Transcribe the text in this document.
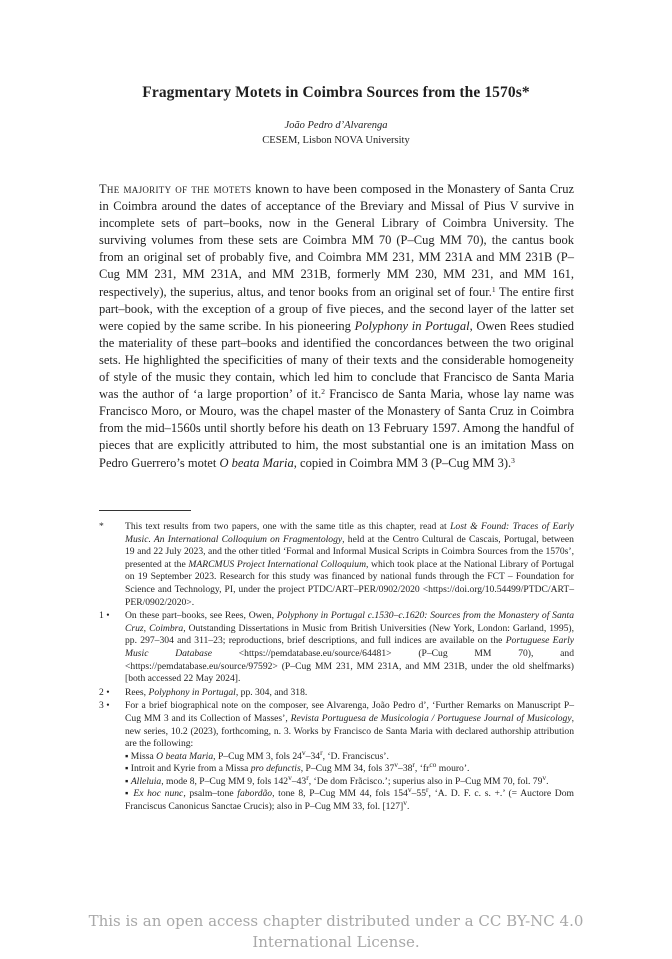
Fragmentary Motets in Coimbra Sources from the 1570s*
João Pedro d’Alvarenga
CESEM, Lisbon NOVA University
The majority of the motets known to have been composed in the Monastery of Santa Cruz in Coimbra around the dates of acceptance of the Breviary and Missal of Pius V survive in incomplete sets of part–books, now in the General Library of Coimbra University. The surviving volumes from these sets are Coimbra MM 70 (P–Cug MM 70), the cantus book from an original set of probably five, and Coimbra MM 231, MM 231A and MM 231B (P–Cug MM 231, MM 231A, and MM 231B, formerly MM 230, MM 231, and MM 161, respectively), the superius, altus, and tenor books from an original set of four.$^1$ The entire first part–book, with the exception of a group of five pieces, and the second layer of the latter set were copied by the same scribe. In his pioneering Polyphony in Portugal, Owen Rees studied the materiality of these part–books and identified the concordances between the two original sets. He highlighted the specificities of many of their texts and the considerable homogeneity of style of the music they contain, which led him to conclude that Francisco de Santa Maria was the author of ‘a large proportion’ of it.$^2$ Francisco de Santa Maria, whose lay name was Francisco Moro, or Mouro, was the chapel master of the Monastery of Santa Cruz in Coimbra from the mid–1560s until shortly before his death on 13 February 1597. Among the handful of pieces that are explicitly attributed to him, the most substantial one is an imitation Mass on Pedro Guerrero’s motet O beata Maria, copied in Coimbra MM 3 (P–Cug MM 3).$^3$
*	This text results from two papers, one with the same title as this chapter, read at Lost & Found: Traces of Early Music. An International Colloquium on Fragmentology, held at the Centro Cultural de Cascais, Portugal, between 19 and 22 July 2023, and the other titled ‘Formal and Informal Musical Scripts in Coimbra Sources from the 1570s’, presented at the MARCMUS Project International Colloquium, which took place at the National Library of Portugal on 19 September 2023. Research for this study was financed by national funds through the FCT – Foundation for Science and Technology, PI, under the project PTDC/ART–PER/0902/2020 <https://doi.org/10.54499/PTDC/ART–PER/0902/2020>.
1 •	On these part–books, see Rees, Owen, Polyphony in Portugal c.1530–c.1620: Sources from the Monastery of Santa Cruz, Coimbra, Outstanding Dissertations in Music from British Universities (New York, London: Garland, 1995), pp. 297–304 and 311–23; reproductions, brief descriptions, and full indices are available on the Portuguese Early Music Database <https://pemdatabase.eu/source/64481> (P–Cug MM 70), and <https://pemdatabase.eu/source/97592> (P–Cug MM 231, MM 231A, and MM 231B, under the old shelfmarks) [both accessed 22 May 2024].
2 •	Rees, Polyphony in Portugal, pp. 304, and 318.
3 •	For a brief biographical note on the composer, see Alvarenga, João Pedro d’, ‘Further Remarks on Manuscript P–Cug MM 3 and its Collection of Masses’, Revista Portuguesa de Musicologia / Portuguese Journal of Musicology, new series, 10.2 (2023), forthcoming, n. 3. Works by Francisco de Santa Maria with declared authorship attribution are the following:
▪ Missa O beata Maria, P–Cug MM 3, fols 24$^v$–34$^r$, ‘D. Franciscus’.
▪ Introit and Kyrie from a Missa pro defunctis, P–Cug MM 34, fols 37$^v$–38$^r$, ‘$fr^{co}$ mouro’.
▪ Alleluia, mode 8, P–Cug MM 9, fols 142$^v$–43$^r$, ‘De dom Frãcisco.’; superius also in P–Cug MM 70, fol. 79$^v$.
▪ Ex hoc nunc, psalm–tone fabordão, tone 8, P–Cug MM 44, fols 154$^v$–55$^r$, ‘A. D. F. c. s. +.’ (= Auctore Dom Franciscus Canonicus Sanctae Crucis); also in P–Cug MM 33, fol. $[127]^v$.
This is an open access chapter distributed under a CC BY-NC 4.0 International License.
